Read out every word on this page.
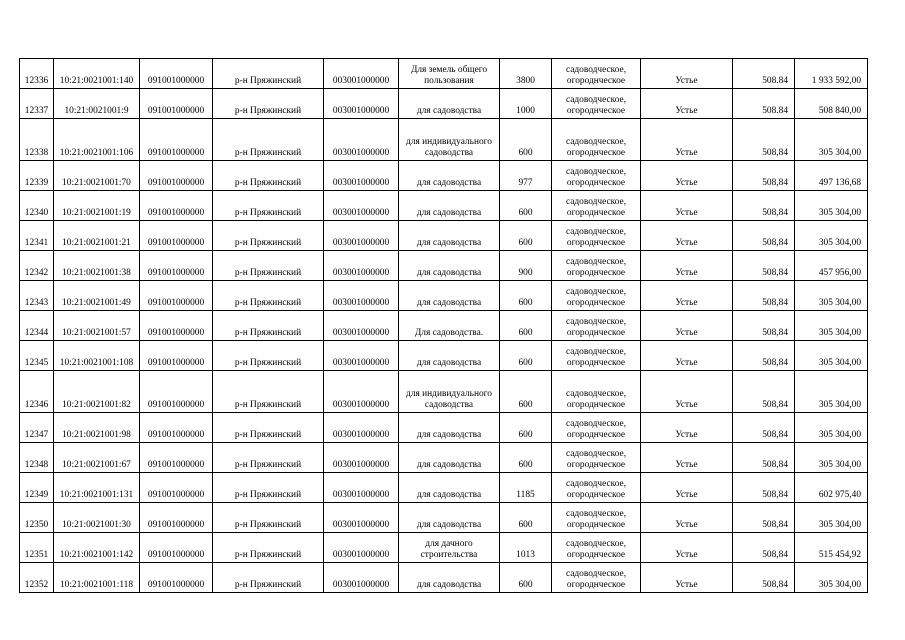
12336	10:21:0021001:140	091001000000	р-н Пряжинский	003001000000	Для земель общего пользования	3800	садоводческое, огороднческое	Устье	508.84	1 933 592,00
12337	10:21:0021001:9	091001000000	р-н Пряжинский	003001000000	для садоводства	1000	садоводческое, огороднческое	Устье	508.84	508 840,00
12338	10:21:0021001:106	091001000000	р-н Пряжинский	003001000000	для индивидуального садоводства	600	садоводческое, огороднческое	Устье	508,84	305 304,00
12339	10:21:0021001:70	091001000000	р-н Пряжинский	003001000000	для садоводства	977	садоводческое, огороднческое	Устье	508,84	497 136,68
12340	10:21:0021001:19	091001000000	р-н Пряжинский	003001000000	для садоводства	600	садоводческое, огороднческое	Устье	508,84	305 304,00
12341	10:21:0021001:21	091001000000	р-н Пряжинский	003001000000	для садоводства	600	садоводческое, огороднческое	Устье	508,84	305 304,00
12342	10:21:0021001:38	091001000000	р-н Пряжинский	003001000000	для садоводства	900	садоводческое, огороднческое	Устье	508,84	457 956,00
12343	10:21:0021001:49	091001000000	р-н Пряжинский	003001000000	для садоводства	600	садоводческое, огороднческое	Устье	508,84	305 304,00
12344	10:21:0021001:57	091001000000	р-н Пряжинский	003001000000	Для садоводства.	600	садоводческое, огороднческое	Устье	508,84	305 304,00
12345	10:21:0021001:108	091001000000	р-н Пряжинский	003001000000	для садоводства	600	садоводческое, огороднческое	Устье	508,84	305 304,00
12346	10:21:0021001:82	091001000000	р-н Пряжинский	003001000000	для индивидуального садоводства	600	садоводческое, огороднческое	Устье	508,84	305 304,00
12347	10:21:0021001:98	091001000000	р-н Пряжинский	003001000000	для садоводства	600	садоводческое, огороднческое	Устье	508,84	305 304,00
12348	10:21:0021001:67	091001000000	р-н Пряжинский	003001000000	для садоводства	600	садоводческое, огороднческое	Устье	508,84	305 304,00
12349	10:21:0021001:131	091001000000	р-н Пряжинский	003001000000	для садоводства	1185	садоводческое, огороднческое	Устье	508,84	602 975,40
12350	10:21:0021001:30	091001000000	р-н Пряжинский	003001000000	для садоводства	600	садоводческое, огороднческое	Устье	508,84	305 304,00
12351	10:21:0021001:142	091001000000	р-н Пряжинский	003001000000	для дачного строительства	1013	садоводческое, огороднческое	Устье	508,84	515 454,92
12352	10:21:0021001:118	091001000000	р-н Пряжинский	003001000000	для садоводства	600	садоводческое, огороднческое	Устье	508,84	305 304,00
